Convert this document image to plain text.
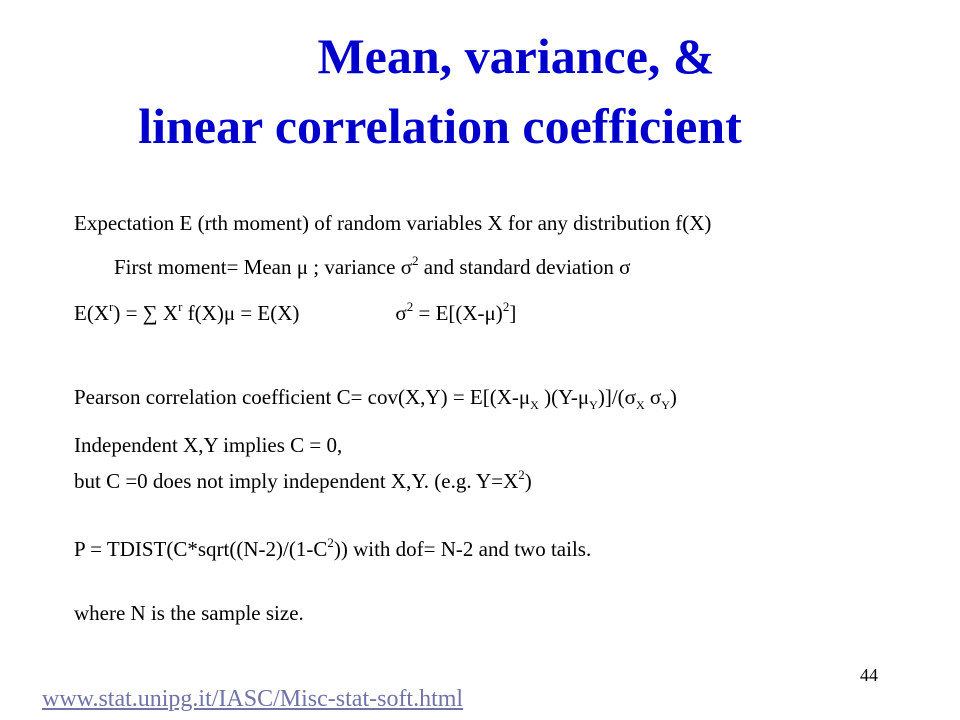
Mean, variance, &
linear correlation coefficient
Expectation E (rth moment) of random variables X for any distribution f(X)
First moment= Mean μ ; variance $\sigma^2$ and standard deviation σ
$E(X^r)$ = ∑ $X^r$ f(X)μ = E(X)	$\sigma^2 = E[(X-\mu)^2]$
Pearson correlation coefficient $C= cov(X,Y) = E[(X-\mu_X$ )$(Y-\mu_Y)]/(\sigma_X$ $\sigma_Y$)
Independent X,Y implies C = 0,
but C =0 does not imply independent X,Y. (e.g. $Y=X^2$)
$P = TDIST(C*sqrt((N-2)/(1-C^2))$ with dof= N-2 and two tails.
where N is the sample size.
44
www.stat.unipg.it/IASC/Misc-stat-soft.html
